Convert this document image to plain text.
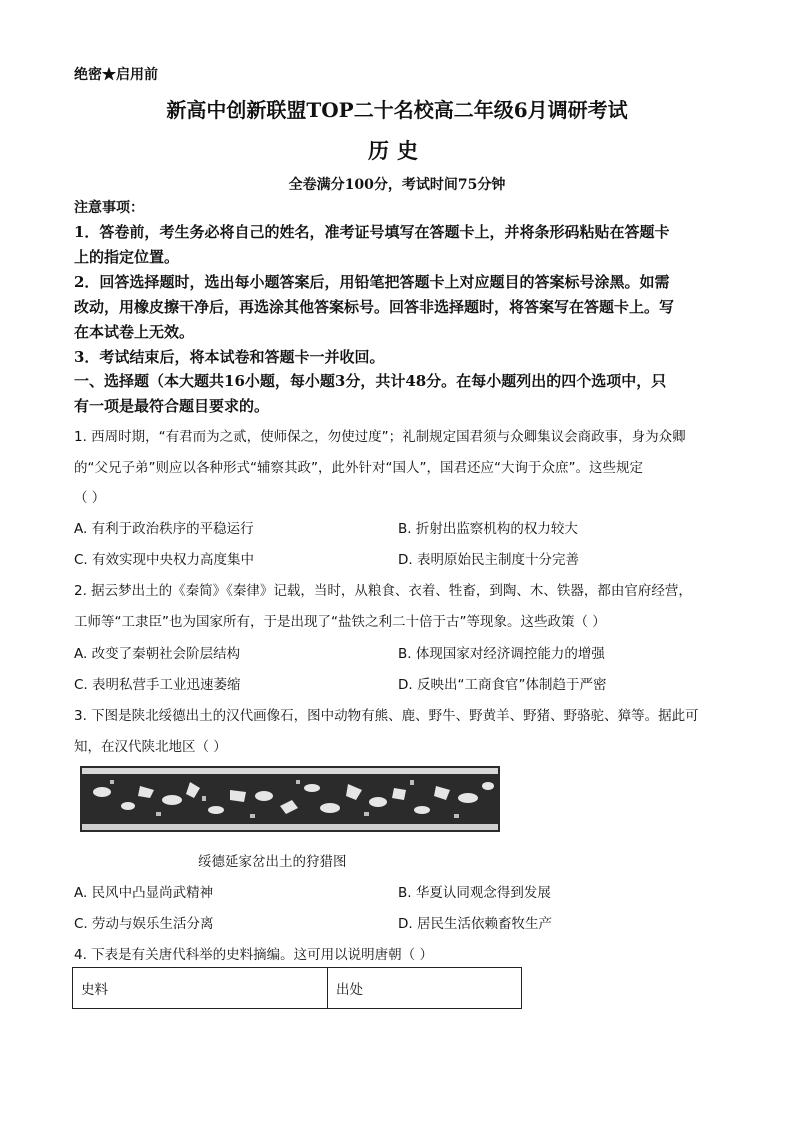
绝密★启用前
新高中创新联盟TOP二十名校高二年级6月调研考试
历史
全卷满分100分，考试时间75分钟
注意事项：
1．答卷前，考生务必将自己的姓名，准考证号填写在答题卡上，并将条形码粘贴在答题卡
上的指定位置。
2．回答选择题时，选出每小题答案后，用铅笔把答题卡上对应题目的答案标号涂黑。如需
改动，用橡皮擦干净后，再选涂其他答案标号。回答非选择题时，将答案写在答题卡上。写
在本试卷上无效。
3．考试结束后，将本试卷和答题卡一并收回。
一、选择题（本大题共16小题，每小题3分，共计48分。在每小题列出的四个选项中，只
有一项是最符合题目要求的。
1. 西周时期，“有君而为之贰，使师保之，勿使过度”；礼制规定国君须与众卿集议会商政事，身为众卿
的“父兄子弟”则应以各种形式“辅察其政”，此外针对“国人”，国君还应“大询于众庶”。这些规定
（ ）
A. 有利于政治秩序的平稳运行	B. 折射出监察机构的权力较大
C. 有效实现中央权力高度集中	D. 表明原始民主制度十分完善
2. 据云梦出土的《秦简》《秦律》记载，当时，从粮食、衣着、牲畜，到陶、木、铁器，都由官府经营，
工师等“工隶臣”也为国家所有，于是出现了“盐铁之利二十倍于古”等现象。这些政策（ ）
A. 改变了秦朝社会阶层结构	B. 体现国家对经济调控能力的增强
C. 表明私营手工业迅速萎缩	D. 反映出“工商食官”体制趋于严密
3. 下图是陕北绥德出土的汉代画像石，图中动物有熊、鹿、野牛、野黄羊、野猪、野骆驼、獐等。据此可
知，在汉代陕北地区（ ）
绥德延家岔出土的狩猎图
A. 民风中凸显尚武精神	B. 华夏认同观念得到发展
C. 劳动与娱乐生活分离	D. 居民生活依赖畜牧生产
4. 下表是有关唐代科举的史料摘编。这可用以说明唐朝（ ）
史料	出处
